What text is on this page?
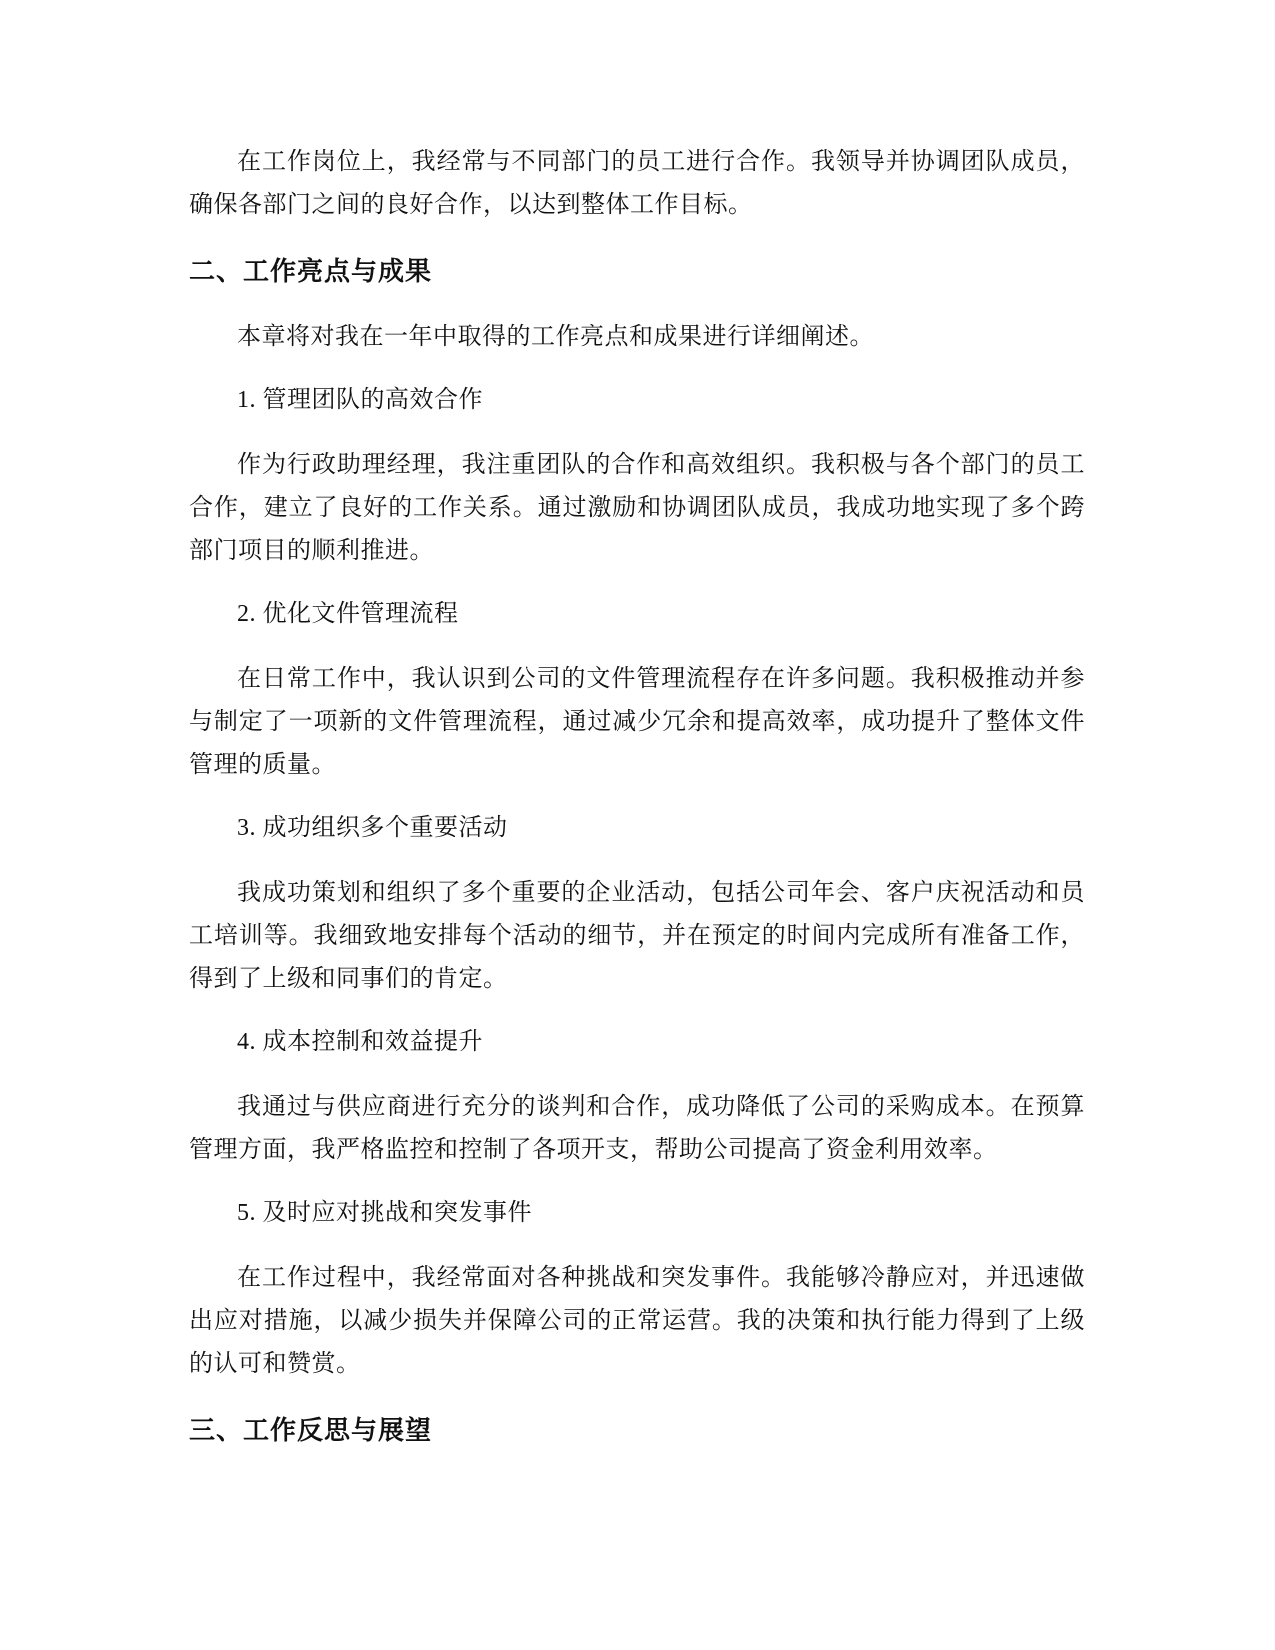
在工作岗位上，我经常与不同部门的员工进行合作。我领导并协调团队成员，确保各部门之间的良好合作，以达到整体工作目标。

二、工作亮点与成果

本章将对我在一年中取得的工作亮点和成果进行详细阐述。

1. 管理团队的高效合作

作为行政助理经理，我注重团队的合作和高效组织。我积极与各个部门的员工合作，建立了良好的工作关系。通过激励和协调团队成员，我成功地实现了多个跨部门项目的顺利推进。

2. 优化文件管理流程

在日常工作中，我认识到公司的文件管理流程存在许多问题。我积极推动并参与制定了一项新的文件管理流程，通过减少冗余和提高效率，成功提升了整体文件管理的质量。

3. 成功组织多个重要活动

我成功策划和组织了多个重要的企业活动，包括公司年会、客户庆祝活动和员工培训等。我细致地安排每个活动的细节，并在预定的时间内完成所有准备工作，得到了上级和同事们的肯定。

4. 成本控制和效益提升

我通过与供应商进行充分的谈判和合作，成功降低了公司的采购成本。在预算管理方面，我严格监控和控制了各项开支，帮助公司提高了资金利用效率。

5. 及时应对挑战和突发事件

在工作过程中，我经常面对各种挑战和突发事件。我能够冷静应对，并迅速做出应对措施，以减少损失并保障公司的正常运营。我的决策和执行能力得到了上级的认可和赞赏。

三、工作反思与展望
